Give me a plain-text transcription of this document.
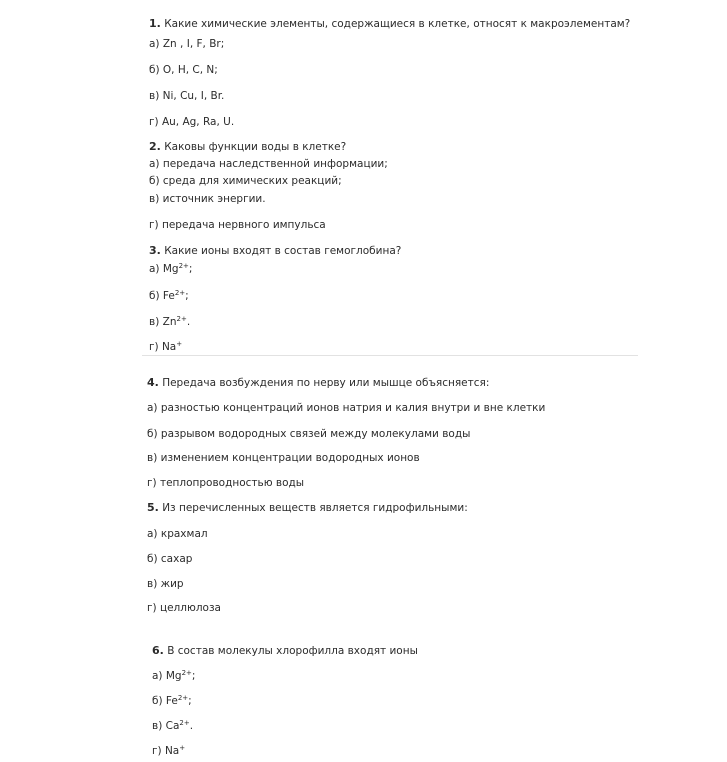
1. Какие химические элементы, содержащиеся в клетке, относят к макроэлементам?
а) Zn , I, F, Br;
б) O, H, C, N;
в) Ni, Cu, I, Br.
г) Au, Ag, Ra, U.
2. Каковы функции воды в клетке?
а) передача наследственной информации;
б) среда для химических реакций;
в) источник энергии.
г) передача нервного импульса
3. Какие ионы входят в состав гемоглобина?
а) $Mg^{2+}$;
б) $Fe^{2+}$;
в) $Zn^{2+}$.
г) Na+
4. Передача возбуждения по нерву или мышце объясняется:
а) разностью концентраций ионов натрия и калия внутри и вне клетки
б) разрывом водородных связей между молекулами воды
в) изменением концентрации водородных ионов
г) теплопроводностью воды
5. Из перечисленных веществ является гидрофильными:
а) крахмал
б) сахар
в) жир
г) целлюлоза
6. В состав молекулы хлорофилла входят ионы
а) $Mg^{2+}$;
б) $Fe^{2+}$;
в) $Ca^{2+}$.
г) Na+
